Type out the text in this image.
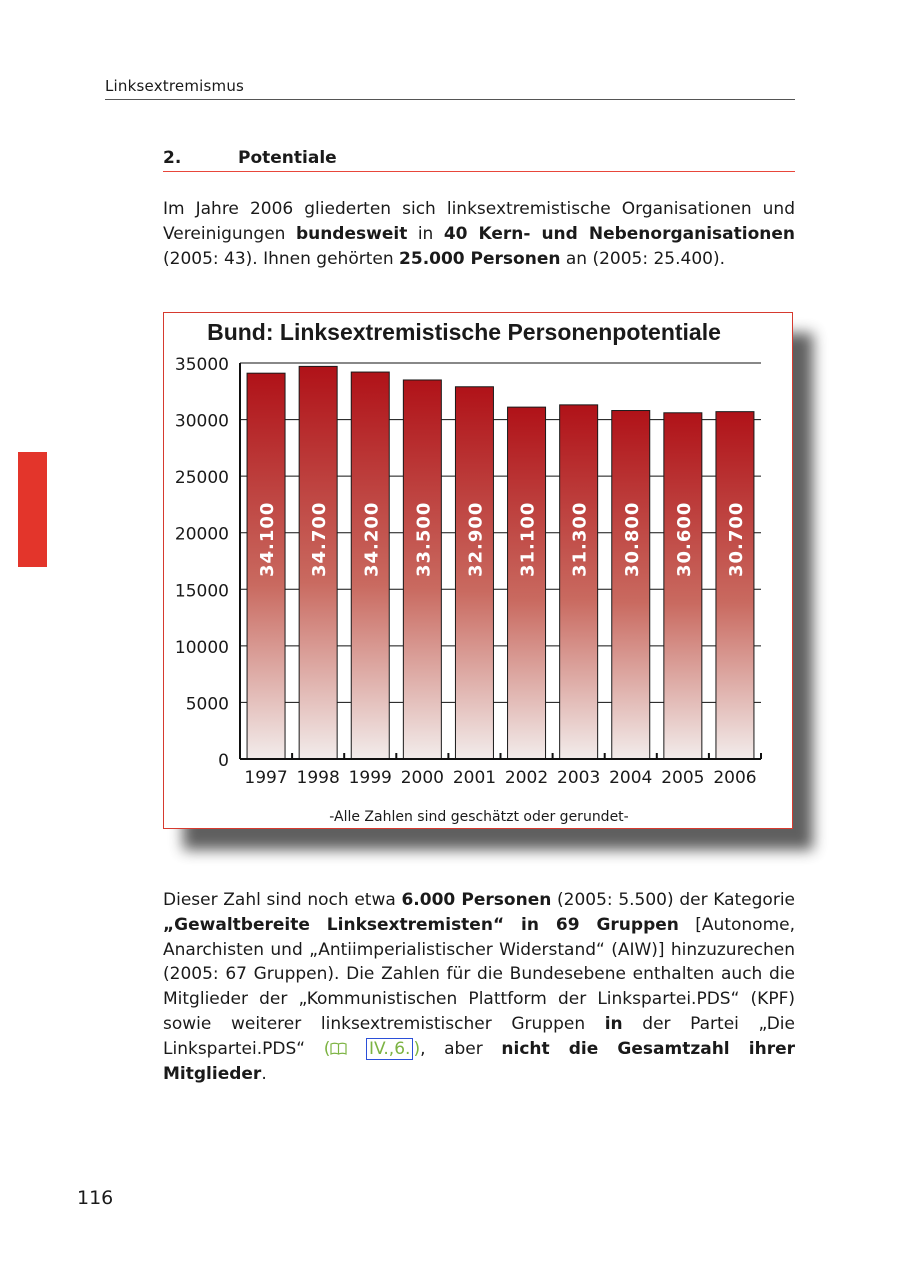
Linksextremismus
2.	Potentiale
Im Jahre 2006 gliederten sich linksextremistische Organisationen und Vereinigungen bundesweit in 40 Kern- und Nebenorganisationen (2005: 43). Ihnen gehörten 25.000 Personen an (2005: 25.400).
Bund: Linksextremistische Personenpotentiale
34.100 34.700 34.200 33.500 32.900 31.100 31.300 30.800 30.600 30.700
0
5000
10000
15000
20000
25000
30000
35000
1997 1998 1999 2000 2001 2002 2003 2004 2005 2006
-Alle Zahlen sind geschätzt oder gerundet-
Dieser Zahl sind noch etwa 6.000 Personen (2005: 5.500) der Kategorie „Gewaltbereite Linksextremisten“ in 69 Gruppen [Autonome, Anarchisten und „Antiimperialistischer Widerstand“ (AIW)] hinzuzurechen (2005: 67 Gruppen). Die Zahlen für die Bundesebene enthalten auch die Mitglieder der „Kommunistischen Plattform der Linkspartei.PDS“ (KPF) sowie weiterer linksextremistischer Gruppen in der Partei „Die Linkspartei.PDS“ ( IV.,6. ), aber nicht die Gesamtzahl ihrer Mitglieder.
116
